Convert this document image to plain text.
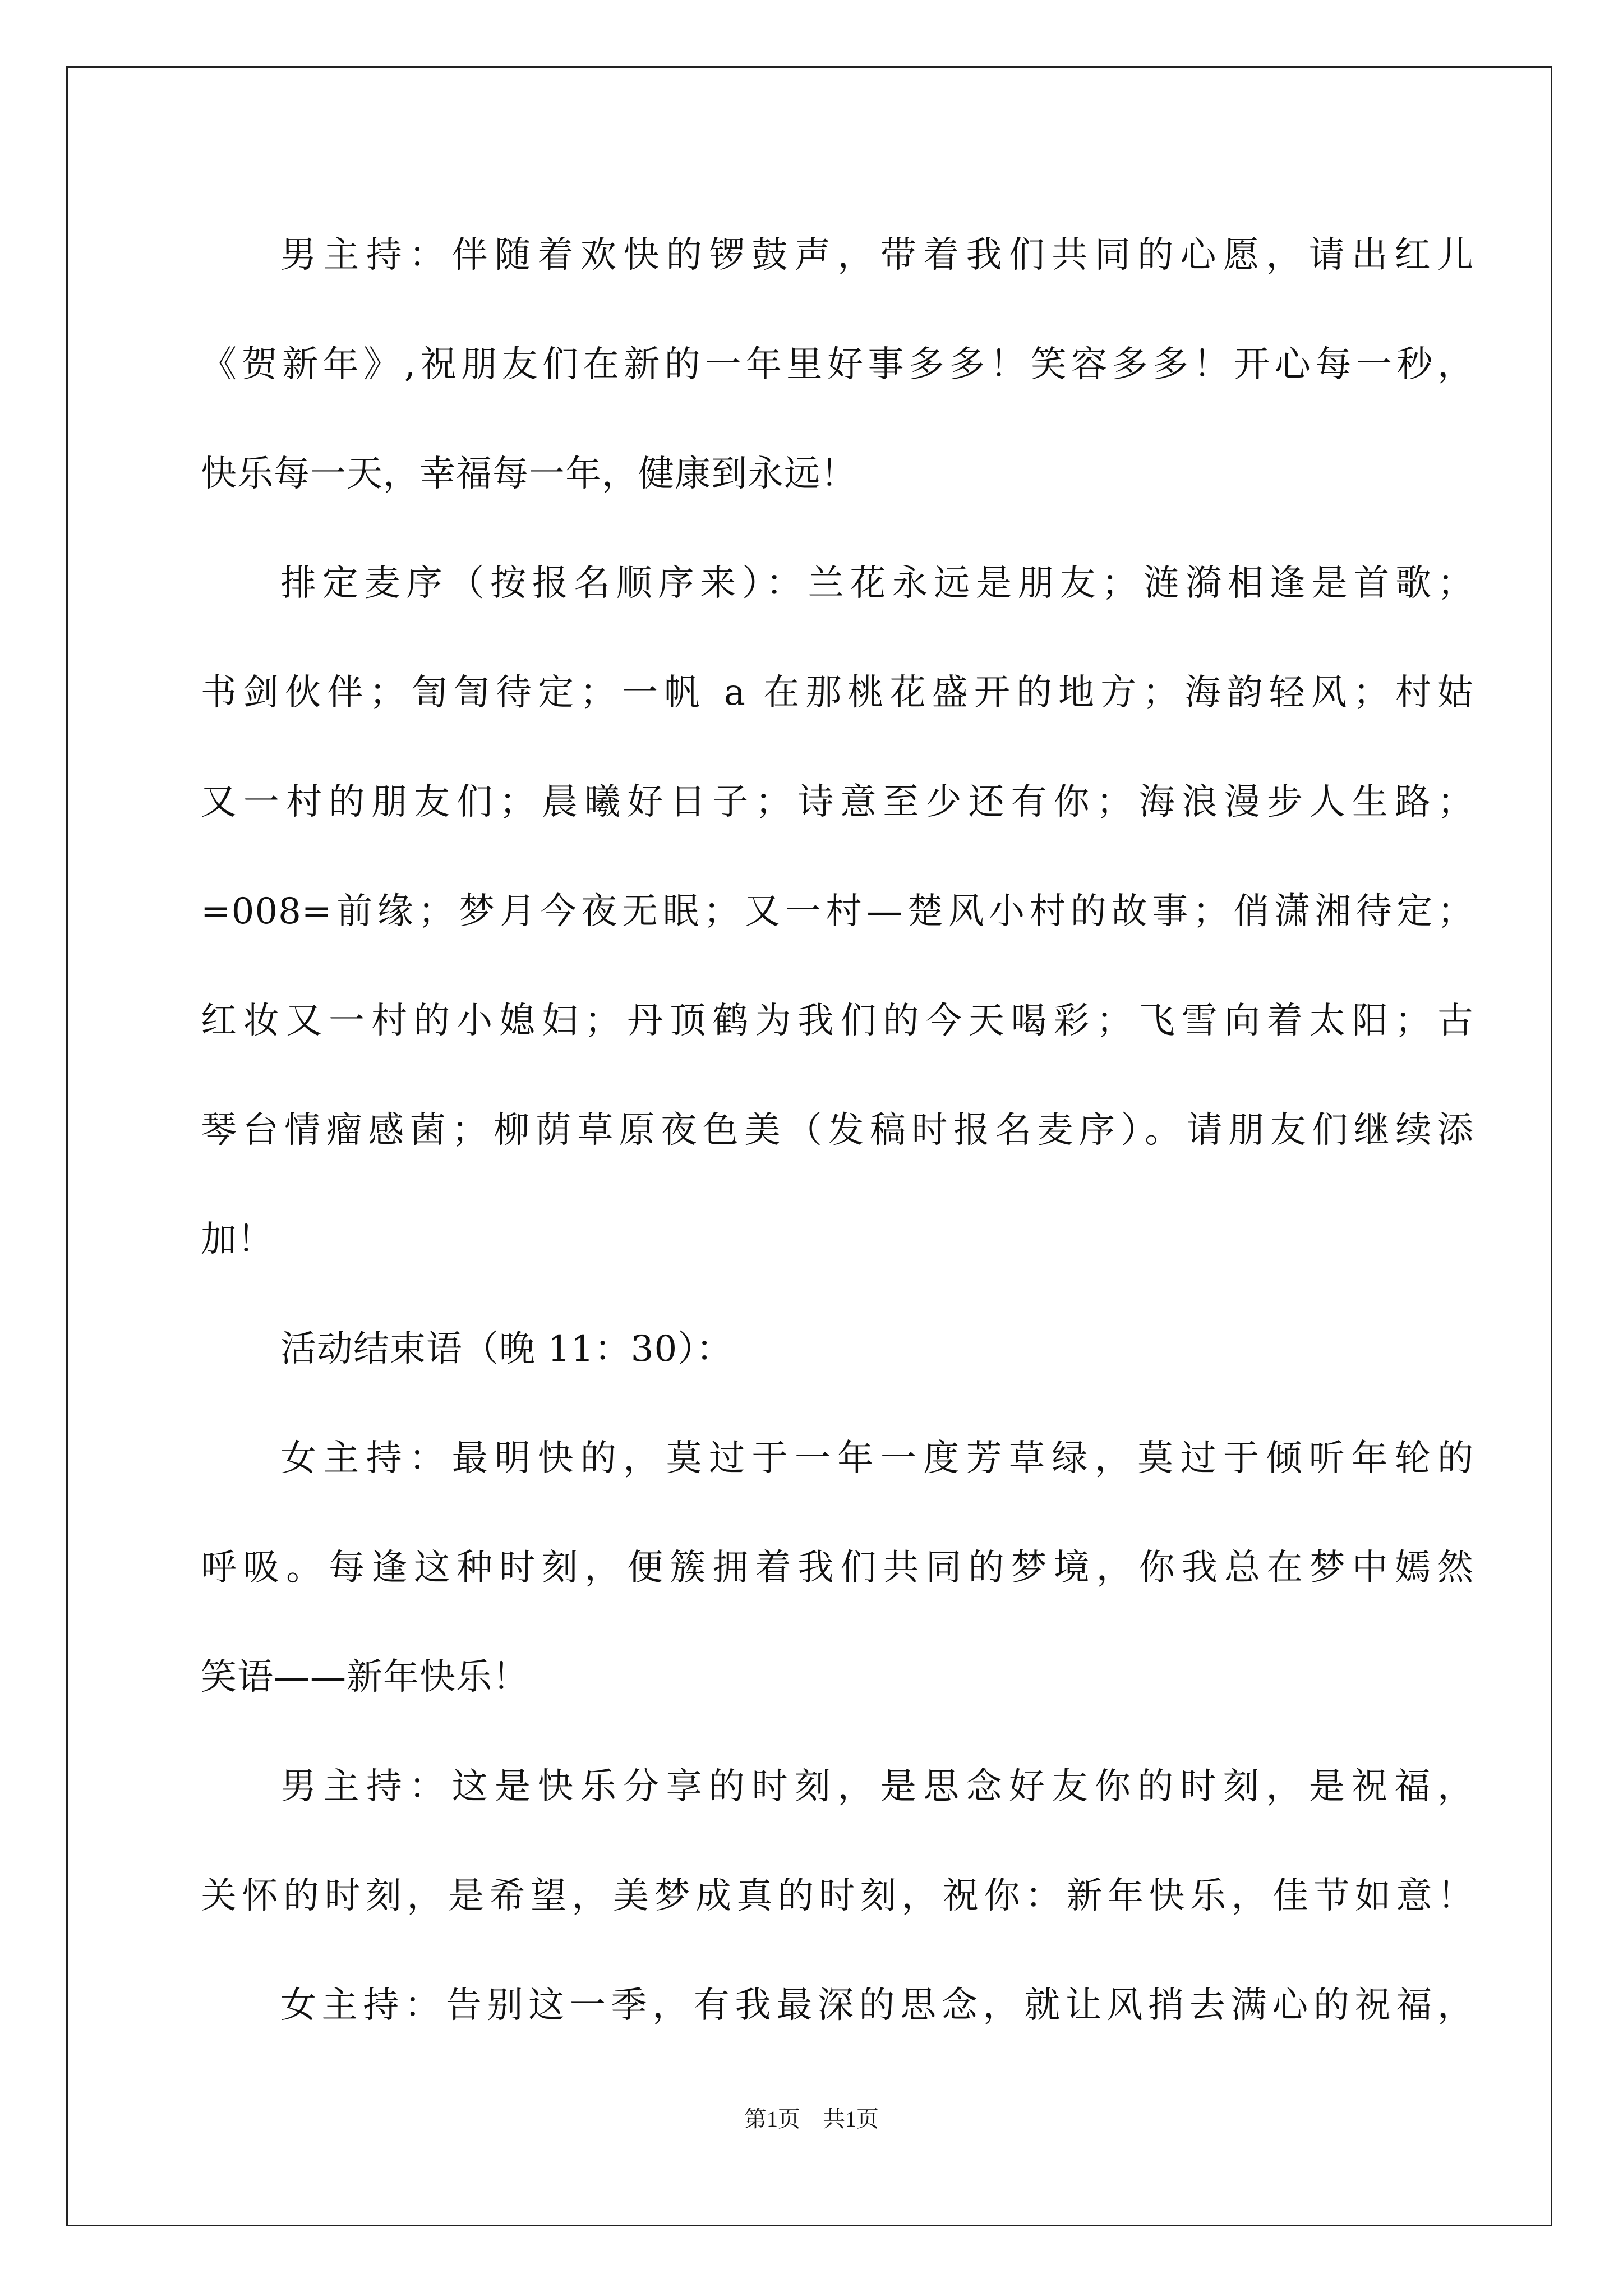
男主持：伴随着欢快的锣鼓声，带着我们共同的心愿，请出红儿
《贺新年》,祝朋友们在新的一年里好事多多！笑容多多！开心每一秒，
快乐每一天，幸福每一年，健康到永远！
排定麦序（按报名顺序来）：兰花永远是朋友；涟漪相逢是首歌；
书剑伙伴；訇訇待定；一帆 a 在那桃花盛开的地方；海韵轻风；村姑
又一村的朋友们；晨曦好日子；诗意至少还有你；海浪漫步人生路；
=008=前缘；梦月今夜无眠；又一村—楚风小村的故事；俏潇湘待定；
红妆又一村的小媳妇；丹顶鹤为我们的今天喝彩；飞雪向着太阳；古
琴台情瘤感菌；柳荫草原夜色美（发稿时报名麦序）。请朋友们继续添
加！
活动结束语（晚 11：30）：
女主持：最明快的，莫过于一年一度芳草绿，莫过于倾听年轮的
呼吸。每逢这种时刻，便簇拥着我们共同的梦境，你我总在梦中嫣然
笑语——新年快乐！
男主持：这是快乐分享的时刻，是思念好友你的时刻，是祝福，
关怀的时刻，是希望，美梦成真的时刻，祝你：新年快乐，佳节如意！
女主持：告别这一季，有我最深的思念，就让风捎去满心的祝福，
第1页　共1页
